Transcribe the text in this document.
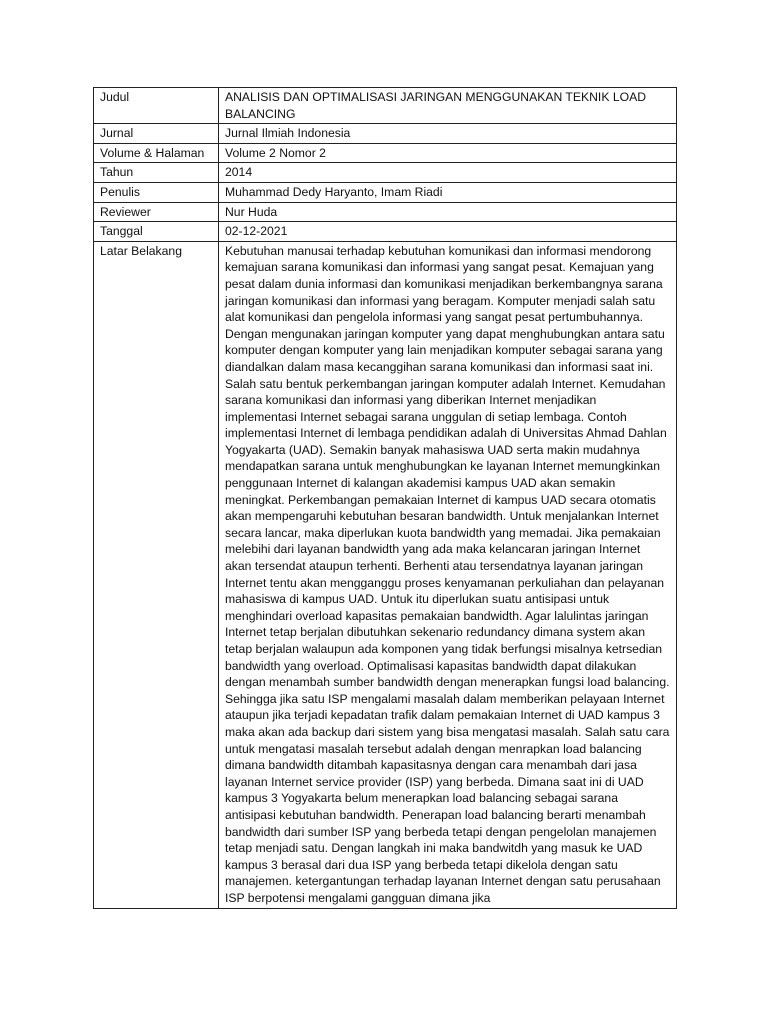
Judul	ANALISIS DAN OPTIMALISASI JARINGAN MENGGUNAKAN TEKNIK LOAD BALANCING
Jurnal	Jurnal Ilmiah Indonesia
Volume & Halaman	Volume 2 Nomor 2
Tahun	2014
Penulis	Muhammad Dedy Haryanto, Imam Riadi
Reviewer	Nur Huda
Tanggal	02-12-2021
Latar Belakang	Kebutuhan manusai terhadap kebutuhan komunikasi dan informasi mendorong kemajuan sarana komunikasi dan informasi yang sangat pesat. Kemajuan yang pesat dalam dunia informasi dan komunikasi menjadikan berkembangnya sarana jaringan komunikasi dan informasi yang beragam. Komputer menjadi salah satu alat komunikasi dan pengelola informasi yang sangat pesat pertumbuhannya. Dengan mengunakan jaringan komputer yang dapat menghubungkan antara satu komputer dengan komputer yang lain menjadikan komputer sebagai sarana yang diandalkan dalam masa kecanggihan sarana komunikasi dan informasi saat ini. Salah satu bentuk perkembangan jaringan komputer adalah Internet. Kemudahan sarana komunikasi dan informasi yang diberikan Internet menjadikan implementasi Internet sebagai sarana unggulan di setiap lembaga. Contoh implementasi Internet di lembaga pendidikan adalah di Universitas Ahmad Dahlan Yogyakarta (UAD). Semakin banyak mahasiswa UAD serta makin mudahnya mendapatkan sarana untuk menghubungkan ke layanan Internet memungkinkan penggunaan Internet di kalangan akademisi kampus UAD akan semakin meningkat. Perkembangan pemakaian Internet di kampus UAD secara otomatis akan mempengaruhi kebutuhan besaran bandwidth. Untuk menjalankan Internet secara lancar, maka diperlukan kuota bandwidth yang memadai. Jika pemakaian melebihi dari layanan bandwidth yang ada maka kelancaran jaringan Internet akan tersendat ataupun terhenti. Berhenti atau tersendatnya layanan jaringan Internet tentu akan mengganggu proses kenyamanan perkuliahan dan pelayanan mahasiswa di kampus UAD. Untuk itu diperlukan suatu antisipasi untuk menghindari overload kapasitas pemakaian bandwidth. Agar lalulintas jaringan Internet tetap berjalan dibutuhkan sekenario redundancy dimana system akan tetap berjalan walaupun ada komponen yang tidak berfungsi misalnya ketrsedian bandwidth yang overload. Optimalisasi kapasitas bandwidth dapat dilakukan dengan menambah sumber bandwidth dengan menerapkan fungsi load balancing. Sehingga jika satu ISP mengalami masalah dalam memberikan pelayaan Internet ataupun jika terjadi kepadatan trafik dalam pemakaian Internet di UAD kampus 3 maka akan ada backup dari sistem yang bisa mengatasi masalah. Salah satu cara untuk mengatasi masalah tersebut adalah dengan menrapkan load balancing dimana bandwidth ditambah kapasitasnya dengan cara menambah dari jasa layanan Internet service provider (ISP) yang berbeda. Dimana saat ini di UAD kampus 3 Yogyakarta belum menerapkan load balancing sebagai sarana antisipasi kebutuhan bandwidth. Penerapan load balancing berarti menambah bandwidth dari sumber ISP yang berbeda tetapi dengan pengelolan manajemen tetap menjadi satu. Dengan langkah ini maka bandwitdh yang masuk ke UAD kampus 3 berasal dari dua ISP yang berbeda tetapi dikelola dengan satu manajemen. ketergantungan terhadap layanan Internet dengan satu perusahaan ISP berpotensi mengalami gangguan dimana jika
